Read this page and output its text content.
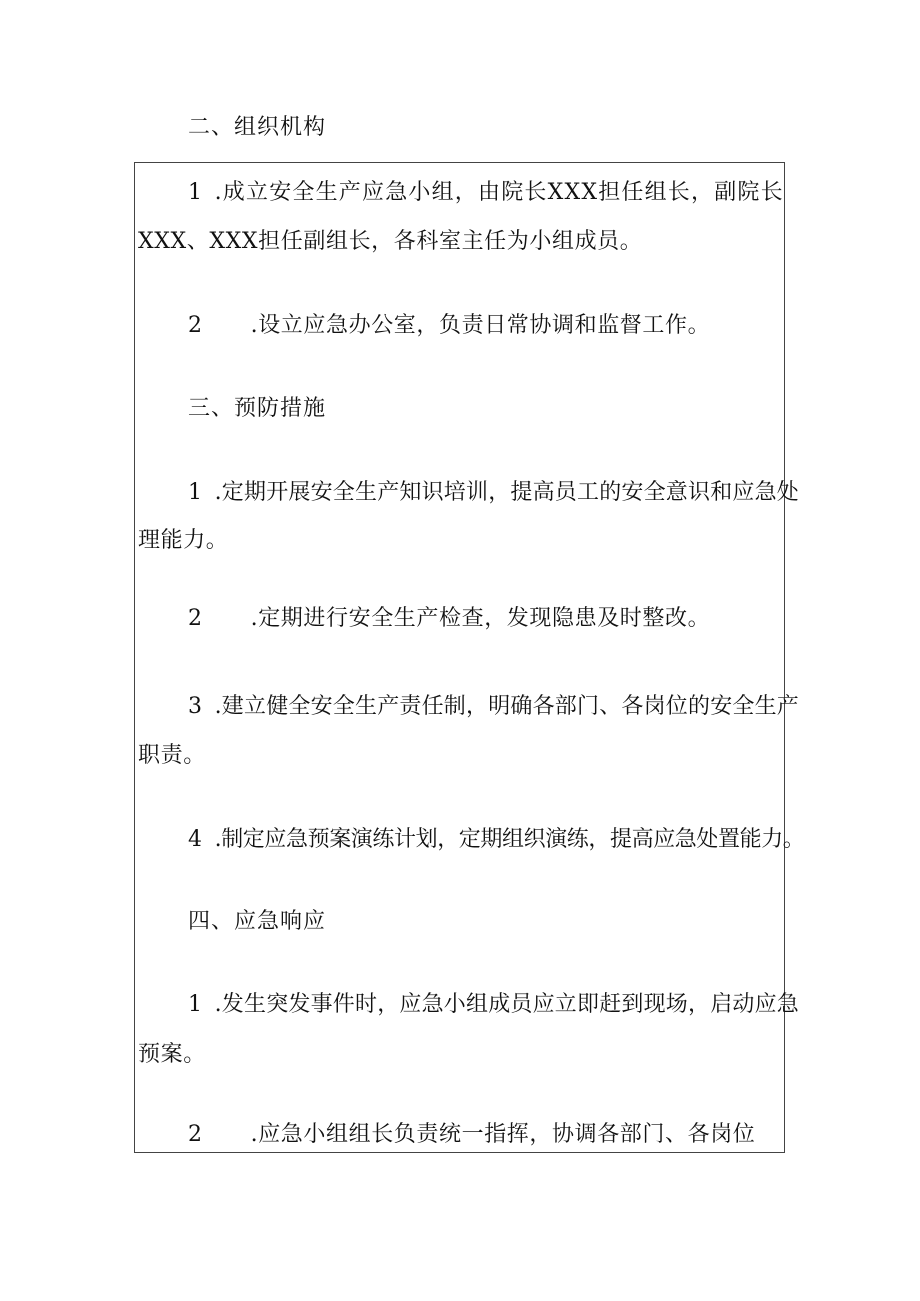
二、组织机构
1 .成立安全生产应急小组，由院长XXX担任组长，副院长
XXX、XXX担任副组长，各科室主任为小组成员。
2 .设立应急办公室，负责日常协调和监督工作。
三、预防措施
1 .定期开展安全生产知识培训，提高员工的安全意识和应急处
理能力。
2 .定期进行安全生产检查，发现隐患及时整改。
3 .建立健全安全生产责任制，明确各部门、各岗位的安全生产
职责。
4 .制定应急预案演练计划，定期组织演练，提高应急处置能力。
四、应急响应
1 .发生突发事件时，应急小组成员应立即赶到现场，启动应急
预案。
2 .应急小组组长负责统一指挥，协调各部门、各岗位
